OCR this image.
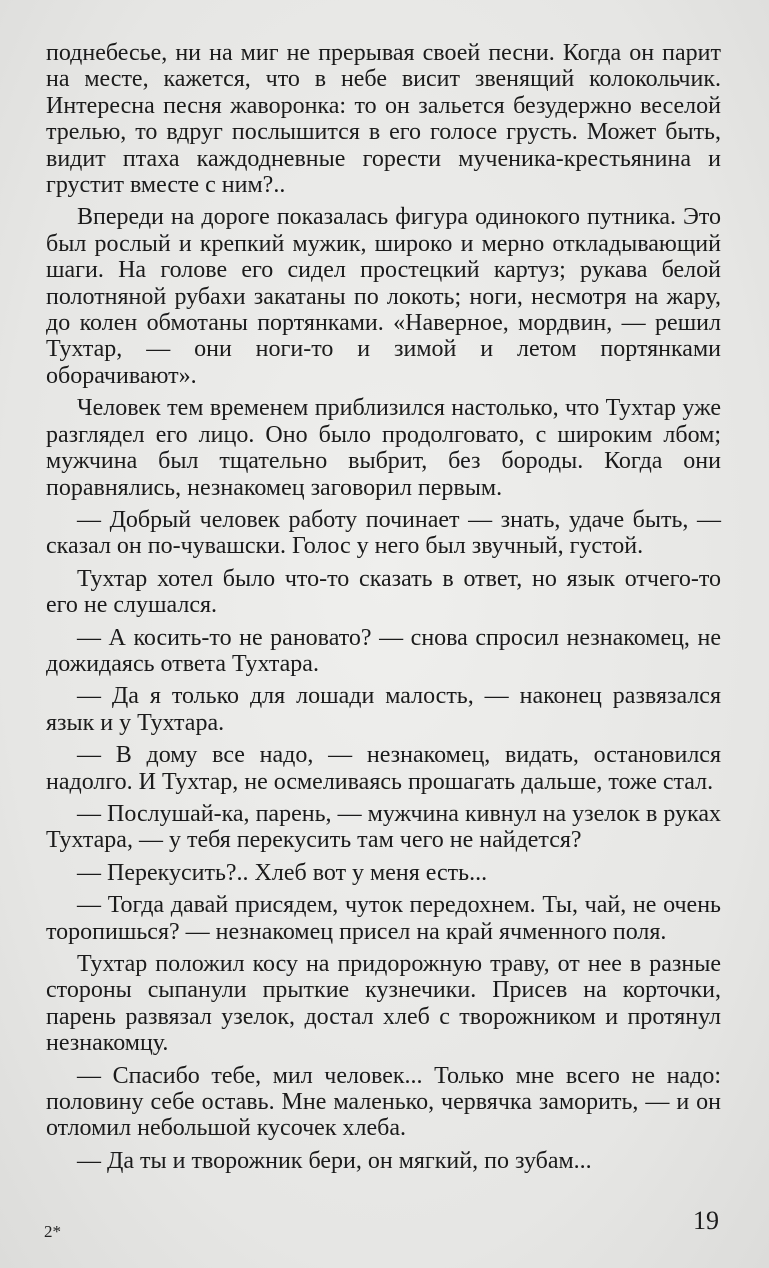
поднебесье, ни на миг не прерывая своей песни. Когда он парит на месте, кажется, что в небе висит звенящий колокольчик. Интересна песня жаворонка: то он зальется безудержно веселой трелью, то вдруг послышится в его голосе грусть. Может быть, видит птаха каждодневные горести мученика-крестьянина и грустит вместе с ним?..

Впереди на дороге показалась фигура одинокого путника. Это был рослый и крепкий мужик, широко и мерно откладывающий шаги. На голове его сидел простецкий картуз; рукава белой полотняной рубахи закатаны по локоть; ноги, несмотря на жару, до колен обмотаны портянками. «Наверное, мордвин, — решил Тухтар, — они ноги-то и зимой и летом портянками оборачивают».

Человек тем временем приблизился настолько, что Тухтар уже разглядел его лицо. Оно было продолговато, с широким лбом; мужчина был тщательно выбрит, без бороды. Когда они поравнялись, незнакомец заговорил первым.

— Добрый человек работу починает — знать, удаче быть, — сказал он по-чувашски. Голос у него был звучный, густой.

Тухтар хотел было что-то сказать в ответ, но язык отчего-то его не слушался.

— А косить-то не рановато? — снова спросил незнакомец, не дожидаясь ответа Тухтара.

— Да я только для лошади малость, — наконец развязался язык и у Тухтара.

— В дому все надо, — незнакомец, видать, остановился надолго. И Тухтар, не осмеливаясь прошагать дальше, тоже стал.

— Послушай-ка, парень, — мужчина кивнул на узелок в руках Тухтара, — у тебя перекусить там чего не найдется?

— Перекусить?.. Хлеб вот у меня есть...

— Тогда давай присядем, чуток передохнем. Ты, чай, не очень торопишься? — незнакомец присел на край ячменного поля.

Тухтар положил косу на придорожную траву, от нее в разные стороны сыпанули прыткие кузнечики. Присев на корточки, парень развязал узелок, достал хлеб с творожником и протянул незнакомцу.

— Спасибо тебе, мил человек... Только мне всего не надо: половину себе оставь. Мне маленько, червячка заморить, — и он отломил небольшой кусочек хлеба.

— Да ты и творожник бери, он мягкий, по зубам...

2*	19
